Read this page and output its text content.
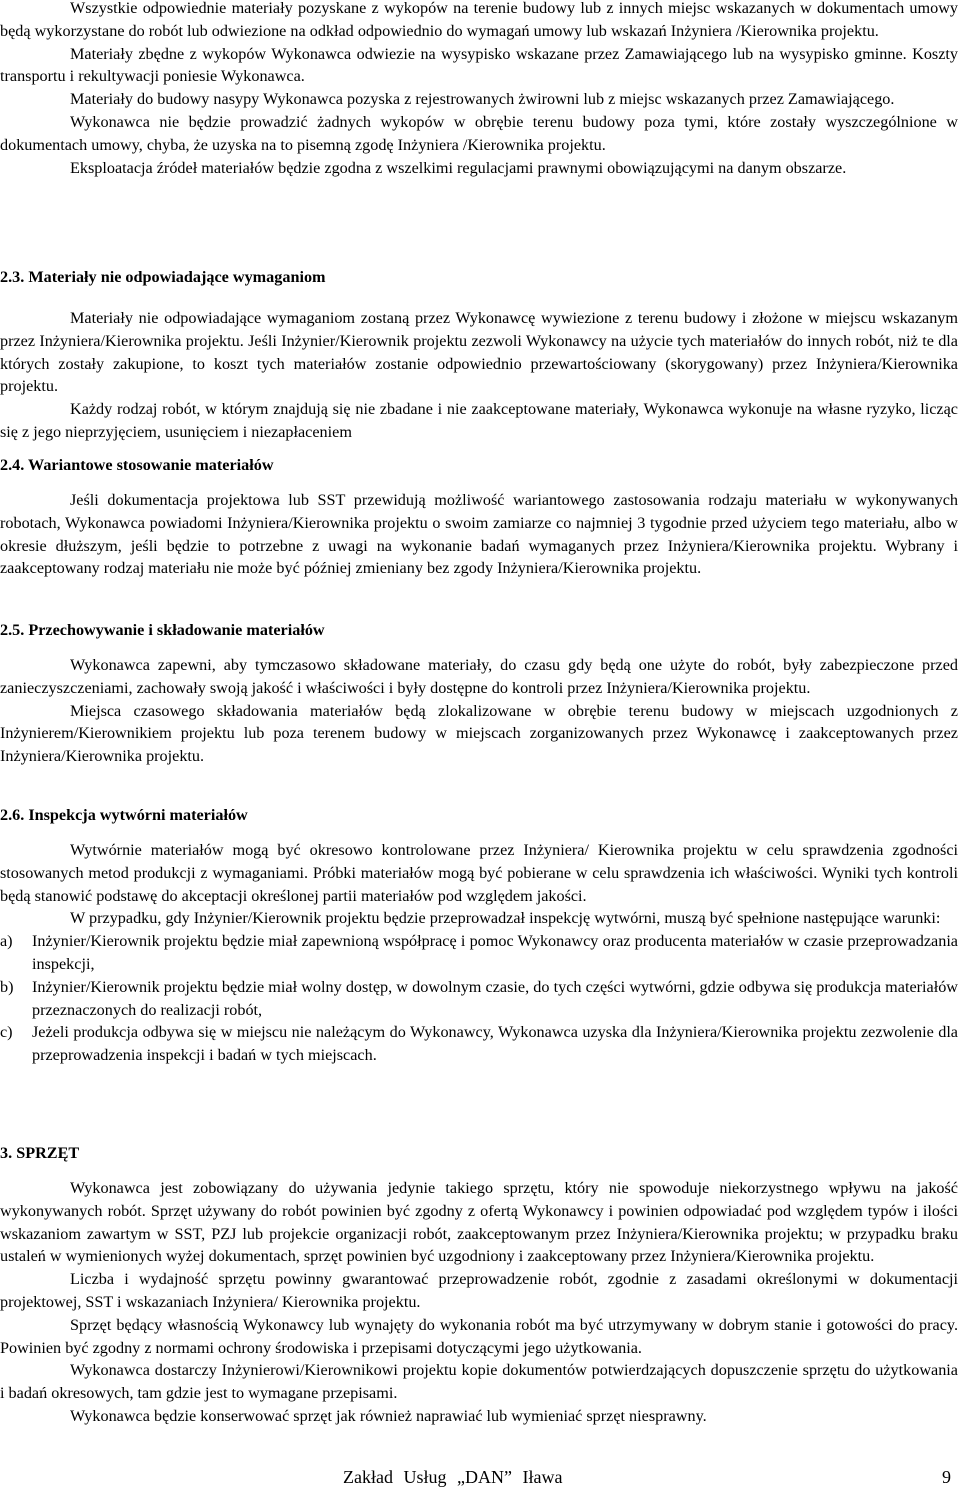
Wszystkie odpowiednie materiały pozyskane z wykopów na terenie budowy lub z innych miejsc wskazanych w dokumentach umowy będą wykorzystane do robót lub odwiezione na odkład odpowiednio do wymagań umowy lub wskazań Inżyniera /Kierownika projektu.

Materiały zbędne z wykopów Wykonawca odwiezie na wysypisko wskazane przez Zamawiającego lub na wysypisko gminne. Koszty transportu i rekultywacji poniesie Wykonawca.

Materiały do budowy nasypy Wykonawca pozyska z rejestrowanych żwirowni lub z miejsc wskazanych przez Zamawiającego.

Wykonawca nie będzie prowadzić żadnych wykopów w obrębie terenu budowy poza tymi, które zostały wyszczególnione w dokumentach umowy, chyba, że uzyska na to pisemną zgodę Inżyniera /Kierownika projektu.

Eksploatacja źródeł materiałów będzie zgodna z wszelkimi regulacjami prawnymi obowiązującymi na danym obszarze.

2.3. Materiały nie odpowiadające wymaganiom

Materiały nie odpowiadające wymaganiom zostaną przez Wykonawcę wywiezione z terenu budowy i złożone w miejscu wskazanym przez Inżyniera/Kierownika projektu. Jeśli Inżynier/Kierownik projektu zezwoli Wykonawcy na użycie tych materiałów do innych robót, niż te dla których zostały zakupione, to koszt tych materiałów zostanie odpowiednio przewartościowany (skorygowany) przez Inżyniera/Kierownika projektu.

Każdy rodzaj robót, w którym znajdują się nie zbadane i nie zaakceptowane materiały, Wykonawca wykonuje na własne ryzyko, licząc się z jego nieprzyjęciem, usunięciem i niezapłaceniem

2.4. Wariantowe stosowanie materiałów

Jeśli dokumentacja projektowa lub SST przewidują możliwość wariantowego zastosowania rodzaju materiału w wykonywanych robotach, Wykonawca powiadomi Inżyniera/Kierownika projektu o swoim zamiarze co najmniej 3 tygodnie przed użyciem tego materiału, albo w okresie dłuższym, jeśli będzie to potrzebne z uwagi na wykonanie badań wymaganych przez Inżyniera/Kierownika projektu. Wybrany i zaakceptowany rodzaj materiału nie może być później zmieniany bez zgody Inżyniera/Kierownika projektu.

2.5. Przechowywanie i składowanie materiałów

Wykonawca zapewni, aby tymczasowo składowane materiały, do czasu gdy będą one użyte do robót, były zabezpieczone przed zanieczyszczeniami, zachowały swoją jakość i właściwości i były dostępne do kontroli przez Inżyniera/Kierownika projektu.

Miejsca czasowego składowania materiałów będą zlokalizowane w obrębie terenu budowy w miejscach uzgodnionych z Inżynierem/Kierownikiem projektu lub poza terenem budowy w miejscach zorganizowanych przez Wykonawcę i zaakceptowanych przez Inżyniera/Kierownika projektu.

2.6. Inspekcja wytwórni materiałów

Wytwórnie materiałów mogą być okresowo kontrolowane przez Inżyniera/ Kierownika projektu w celu sprawdzenia zgodności stosowanych metod produkcji z wymaganiami. Próbki materiałów mogą być pobierane w celu sprawdzenia ich właściwości. Wyniki tych kontroli będą stanowić podstawę do akceptacji określonej partii materiałów pod względem jakości.

W przypadku, gdy Inżynier/Kierownik projektu będzie przeprowadzał inspekcję wytwórni, muszą być spełnione następujące warunki:

a) Inżynier/Kierownik projektu będzie miał zapewnioną współpracę i pomoc Wykonawcy oraz producenta materiałów w czasie przeprowadzania inspekcji,
b) Inżynier/Kierownik projektu będzie miał wolny dostęp, w dowolnym czasie, do tych części wytwórni, gdzie odbywa się produkcja materiałów przeznaczonych do realizacji robót,
c) Jeżeli produkcja odbywa się w miejscu nie należącym do Wykonawcy, Wykonawca uzyska dla Inżyniera/Kierownika projektu zezwolenie dla przeprowadzenia inspekcji i badań w tych miejscach.
3. SPRZĘT

Wykonawca jest zobowiązany do używania jedynie takiego sprzętu, który nie spowoduje niekorzystnego wpływu na jakość wykonywanych robót. Sprzęt używany do robót powinien być zgodny z ofertą Wykonawcy i powinien odpowiadać pod względem typów i ilości wskazaniom zawartym w SST, PZJ lub projekcie organizacji robót, zaakceptowanym przez Inżyniera/Kierownika projektu; w przypadku braku ustaleń w wymienionych wyżej dokumentach, sprzęt powinien być uzgodniony i zaakceptowany przez Inżyniera/Kierownika projektu.

Liczba i wydajność sprzętu powinny gwarantować przeprowadzenie robót, zgodnie z zasadami określonymi w dokumentacji projektowej, SST i wskazaniach Inżyniera/ Kierownika projektu.

Sprzęt będący własnością Wykonawcy lub wynajęty do wykonania robót ma być utrzymywany w dobrym stanie i gotowości do pracy. Powinien być zgodny z normami ochrony środowiska i przepisami dotyczącymi jego użytkowania.

Wykonawca dostarczy Inżynierowi/Kierownikowi projektu kopie dokumentów potwierdzających dopuszczenie sprzętu do użytkowania i badań okresowych, tam gdzie jest to wymagane przepisami.

Wykonawca będzie konserwować sprzęt jak również naprawiać lub wymieniać sprzęt niesprawny.

Zakład Usług „DAN” Iława	9
